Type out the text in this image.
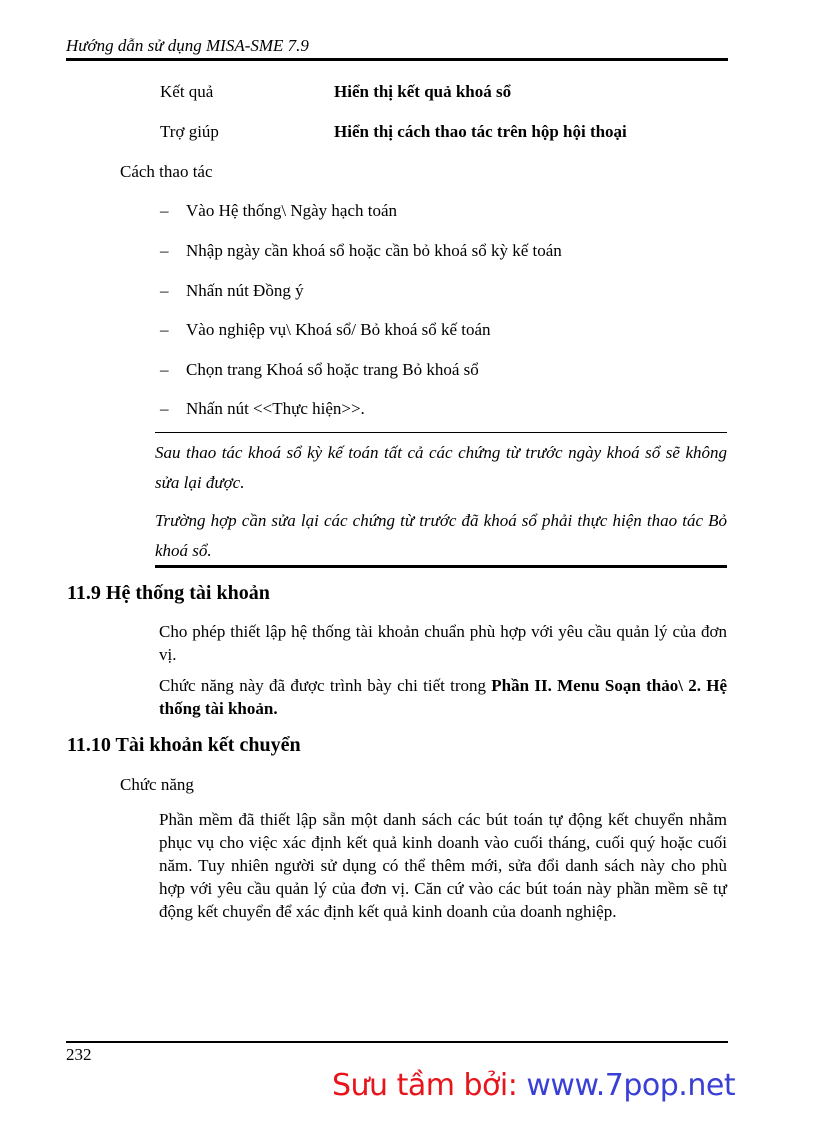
Hướng dẫn sử dụng MISA-SME 7.9
Kết quả	Hiển thị kết quả khoá sổ
Trợ giúp	Hiển thị cách thao tác trên hộp hội thoại
Cách thao tác
– Vào Hệ thống\ Ngày hạch toán
– Nhập ngày cần khoá sổ hoặc cần bỏ khoá sổ kỳ kế toán
– Nhấn nút Đồng ý
– Vào nghiệp vụ\ Khoá sổ/ Bỏ khoá sổ kế toán
– Chọn trang Khoá sổ hoặc trang Bỏ khoá sổ
– Nhấn nút <<Thực hiện>>.
Sau thao tác khoá sổ kỳ kế toán tất cả các chứng từ trước ngày khoá sổ sẽ không sửa lại được.
Trường hợp cần sửa lại các chứng từ trước đã khoá sổ phải thực hiện thao tác Bỏ khoá sổ.
11.9 Hệ thống tài khoản
Cho phép thiết lập hệ thống tài khoản chuẩn phù hợp với yêu cầu quản lý của đơn vị.
Chức năng này đã được trình bày chi tiết trong Phần II. Menu Soạn thảo\ 2. Hệ thống tài khoản.
11.10 Tài khoản kết chuyển
Chức năng
Phần mềm đã thiết lập sẵn một danh sách các bút toán tự động kết chuyển nhằm phục vụ cho việc xác định kết quả kinh doanh vào cuối tháng, cuối quý hoặc cuối năm. Tuy nhiên người sử dụng có thể thêm mới, sửa đổi danh sách này cho phù hợp với yêu cầu quản lý của đơn vị. Căn cứ vào các bút toán này phần mềm sẽ tự động kết chuyển để xác định kết quả kinh doanh của doanh nghiệp.
232
Sưu tầm bởi: www.7pop.net
